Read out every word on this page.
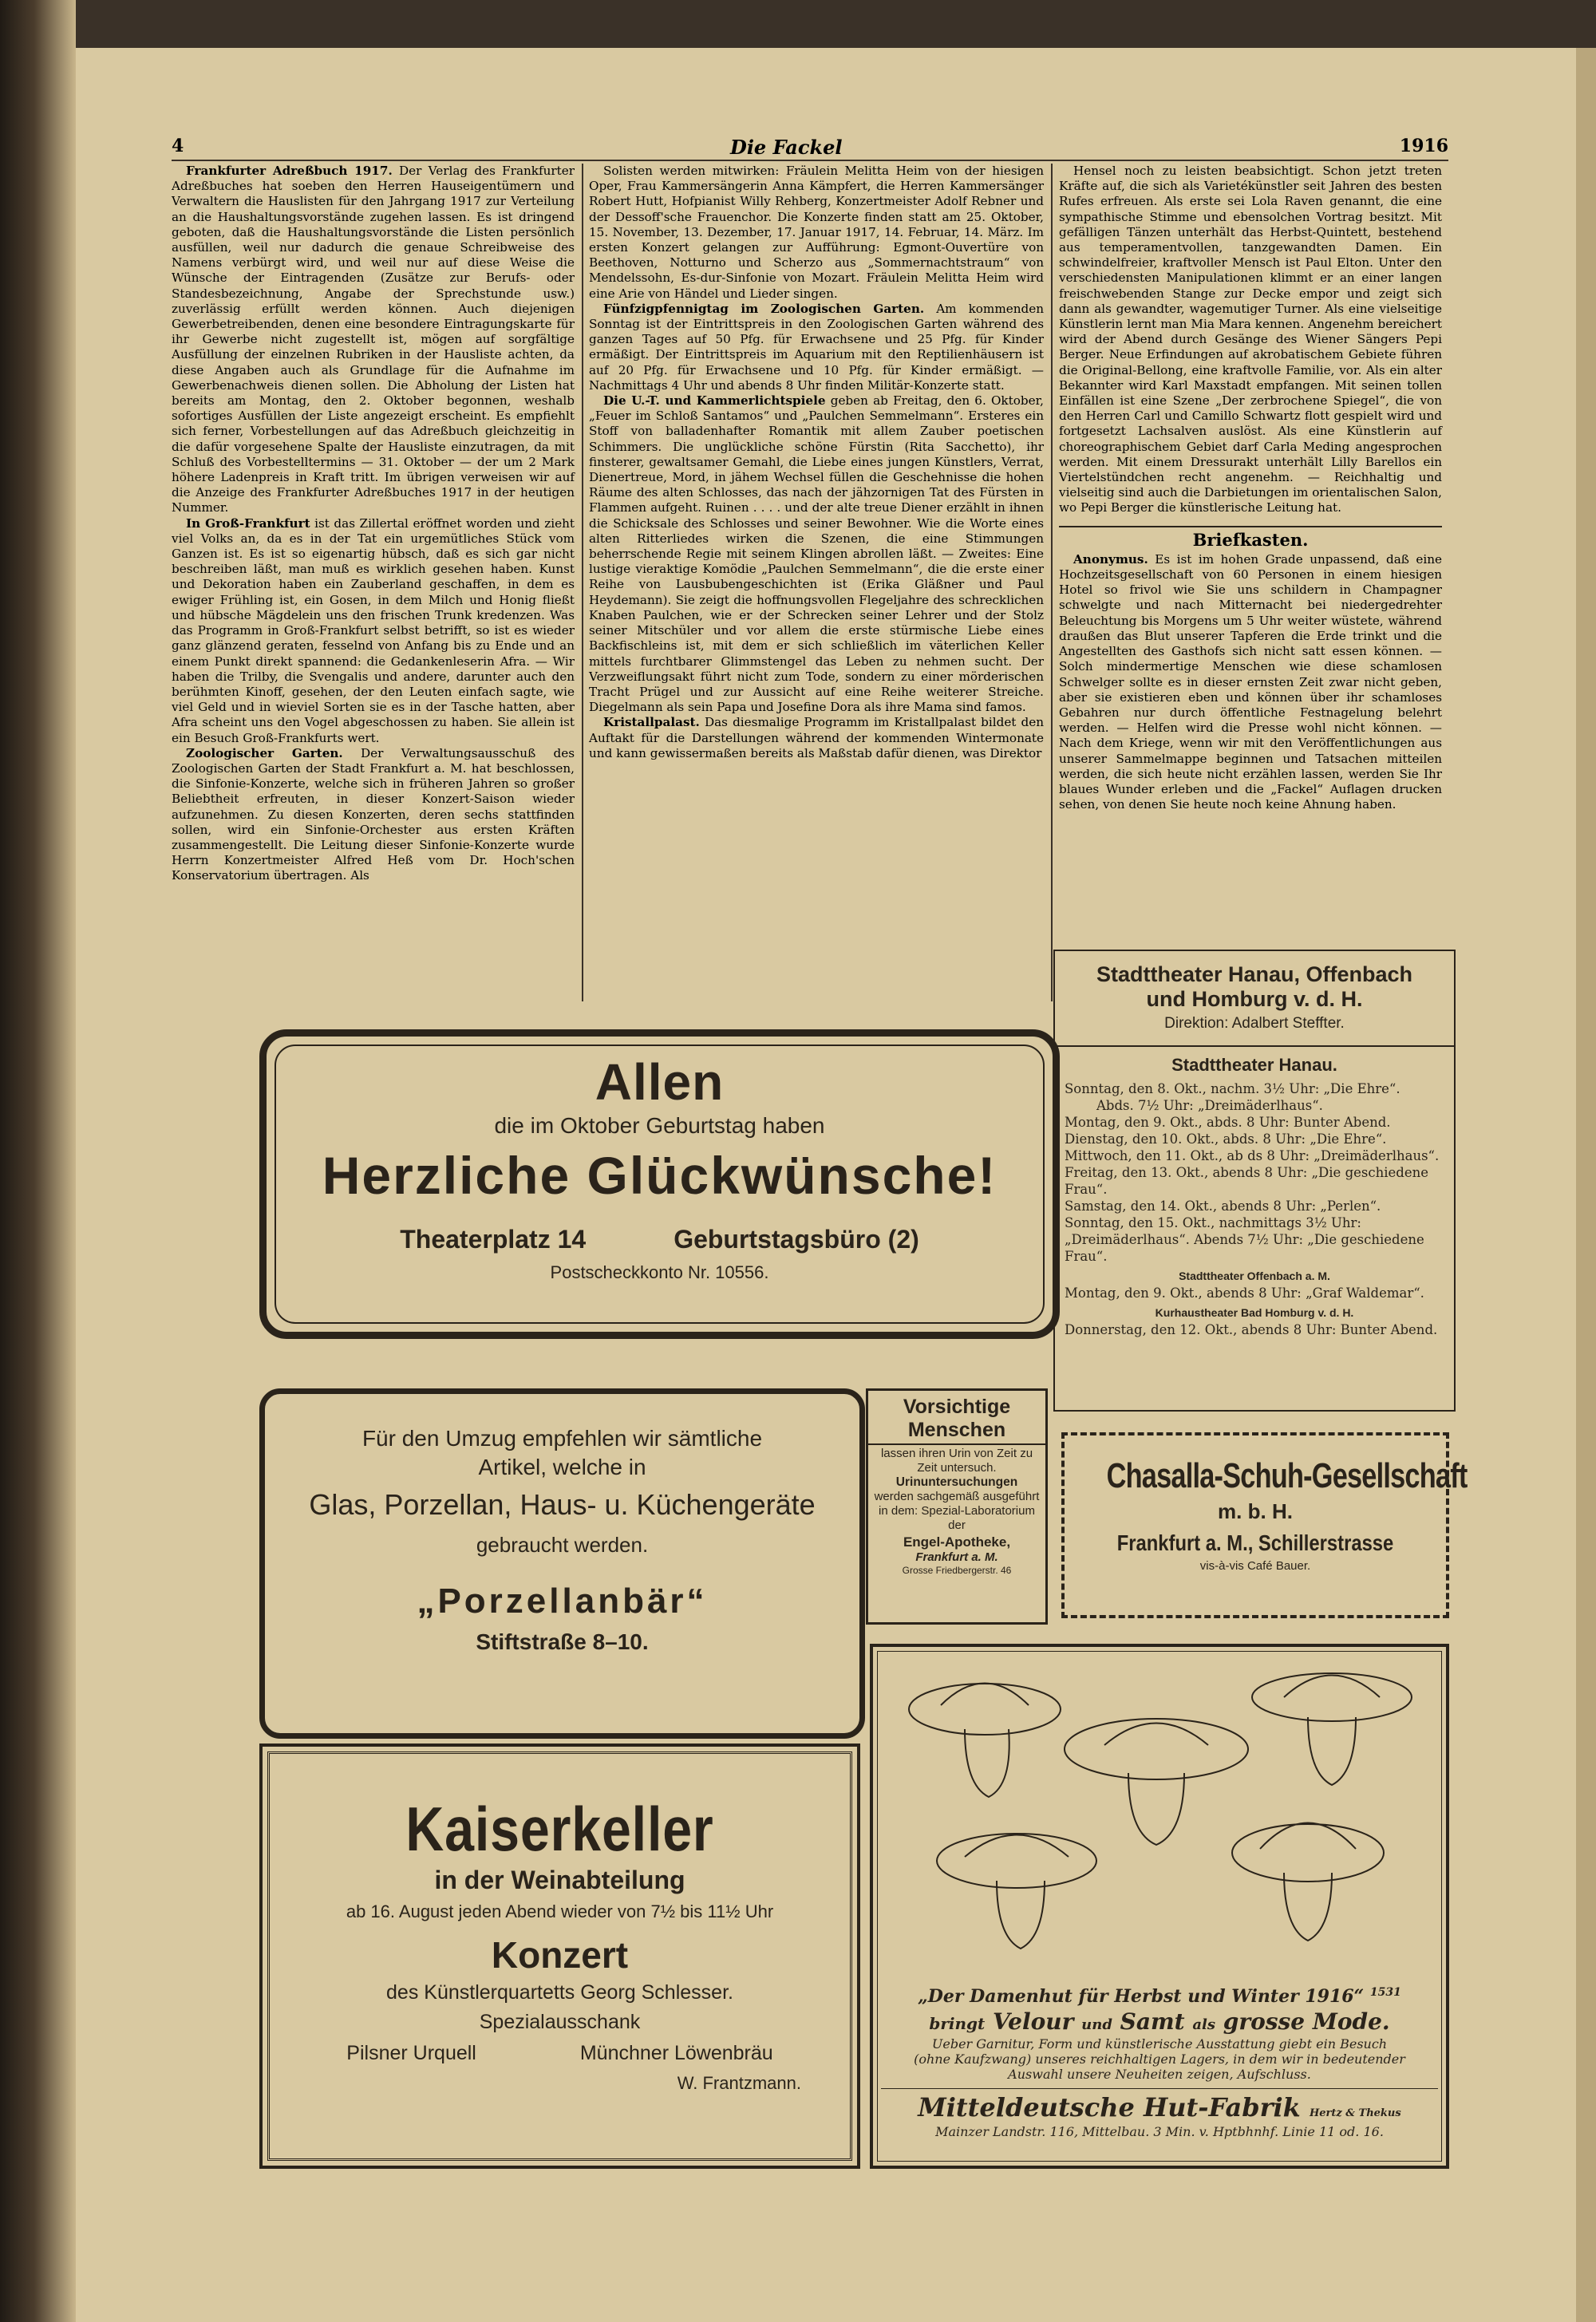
4	Die Fackel	1916

Frankfurter Adreßbuch 1917. Der Verlag des Frankfurter Adreßbuches hat soeben den Herren Hauseigentümern und Verwaltern die Hauslisten für den Jahrgang 1917 zur Verteilung an die Haushaltungsvorstände zugehen lassen. Es ist dringend geboten, daß die Haushaltungsvorstände die Listen persönlich ausfüllen, weil nur dadurch die genaue Schreibweise des Namens verbürgt wird, und weil nur auf diese Weise die Wünsche der Eintragenden (Zusätze zur Berufs- oder Standesbezeichnung, Angabe der Sprechstunde usw.) zuverlässig erfüllt werden können. Auch diejenigen Gewerbetreibenden, denen eine besondere Eintragungskarte für ihr Gewerbe nicht zugestellt ist, mögen auf sorgfältige Ausfüllung der einzelnen Rubriken in der Hausliste achten, da diese Angaben auch als Grundlage für die Aufnahme im Gewerbenachweis dienen sollen. Die Abholung der Listen hat bereits am Montag, den 2. Oktober begonnen, weshalb sofortiges Ausfüllen der Liste angezeigt erscheint. Es empfiehlt sich ferner, Vorbestellungen auf das Adreßbuch gleichzeitig in die dafür vorgesehene Spalte der Hausliste einzutragen, da mit Schluß des Vorbestelltermins — 31. Oktober — der um 2 Mark höhere Ladenpreis in Kraft tritt. Im übrigen verweisen wir auf die Anzeige des Frankfurter Adreßbuches 1917 in der heutigen Nummer.

In Groß-Frankfurt ist das Zillertal eröffnet worden und zieht viel Volks an, da es in der Tat ein urgemütliches Stück vom Ganzen ist. Es ist so eigenartig hübsch, daß es sich gar nicht beschreiben läßt, man muß es wirklich gesehen haben. Kunst und Dekoration haben ein Zauberland geschaffen, in dem es ewiger Frühling ist, ein Gosen, in dem Milch und Honig fließt und hübsche Mägdelein uns den frischen Trunk kredenzen. Was das Programm in Groß-Frankfurt selbst betrifft, so ist es wieder ganz glänzend geraten, fesselnd von Anfang bis zu Ende und an einem Punkt direkt spannend: die Gedankenleserin Afra. — Wir haben die Trilby, die Svengalis und andere, darunter auch den berühmten Kinoff, gesehen, der den Leuten einfach sagte, wie viel Geld und in wieviel Sorten sie es in der Tasche hatten, aber Afra scheint uns den Vogel abgeschossen zu haben. Sie allein ist ein Besuch Groß-Frankfurts wert.

Zoologischer Garten. Der Verwaltungsausschuß des Zoologischen Garten der Stadt Frankfurt a. M. hat beschlossen, die Sinfonie-Konzerte, welche sich in früheren Jahren so großer Beliebtheit erfreuten, in dieser Konzert-Saison wieder aufzunehmen. Zu diesen Konzerten, deren sechs stattfinden sollen, wird ein Sinfonie-Orchester aus ersten Kräften zusammengestellt. Die Leitung dieser Sinfonie-Konzerte wurde Herrn Konzertmeister Alfred Heß vom Dr. Hoch'schen Konservatorium übertragen. Als

Solisten werden mitwirken: Fräulein Melitta Heim von der hiesigen Oper, Frau Kammersängerin Anna Kämpfert, die Herren Kammersänger Robert Hutt, Hofpianist Willy Rehberg, Konzertmeister Adolf Rebner und der Dessoff'sche Frauenchor. Die Konzerte finden statt am 25. Oktober, 15. November, 13. Dezember, 17. Januar 1917, 14. Februar, 14. März. Im ersten Konzert gelangen zur Aufführung: Egmont-Ouvertüre von Beethoven, Notturno und Scherzo aus „Sommernachtstraum“ von Mendelssohn, Es-dur-Sinfonie von Mozart. Fräulein Melitta Heim wird eine Arie von Händel und Lieder singen.

Fünfzigpfennigtag im Zoologischen Garten. Am kommenden Sonntag ist der Eintrittspreis in den Zoologischen Garten während des ganzen Tages auf 50 Pfg. für Erwachsene und 25 Pfg. für Kinder ermäßigt. Der Eintrittspreis im Aquarium mit den Reptilienhäusern ist auf 20 Pfg. für Erwachsene und 10 Pfg. für Kinder ermäßigt. — Nachmittags 4 Uhr und abends 8 Uhr finden Militär-Konzerte statt.

Die U.-T. und Kammerlichtspiele geben ab Freitag, den 6. Oktober, „Feuer im Schloß Santamos“ und „Paulchen Semmelmann“. Ersteres ein Stoff von balladenhafter Romantik mit allem Zauber poetischen Schimmers. Die unglückliche schöne Fürstin (Rita Sacchetto), ihr finsterer, gewaltsamer Gemahl, die Liebe eines jungen Künstlers, Verrat, Dienertreue, Mord, in jähem Wechsel füllen die Geschehnisse die hohen Räume des alten Schlosses, das nach der jähzornigen Tat des Fürsten in Flammen aufgeht. Ruinen . . . . und der alte treue Diener erzählt in ihnen die Schicksale des Schlosses und seiner Bewohner. Wie die Worte eines alten Ritterliedes wirken die Szenen, die eine Stimmungen beherrschende Regie mit seinem Klingen abrollen läßt. — Zweites: Eine lustige vieraktige Komödie „Paulchen Semmelmann“, die die erste einer Reihe von Lausbubengeschichten ist (Erika Gläßner und Paul Heydemann). Sie zeigt die hoffnungsvollen Flegeljahre des schrecklichen Knaben Paulchen, wie er der Schrecken seiner Lehrer und der Stolz seiner Mitschüler und vor allem die erste stürmische Liebe eines Backfischleins ist, mit dem er sich schließlich im väterlichen Keller mittels furchtbarer Glimmstengel das Leben zu nehmen sucht. Der Verzweiflungsakt führt nicht zum Tode, sondern zu einer mörderischen Tracht Prügel und zur Aussicht auf eine Reihe weiterer Streiche. Diegelmann als sein Papa und Josefine Dora als ihre Mama sind famos.

Kristallpalast. Das diesmalige Programm im Kristallpalast bildet den Auftakt für die Darstellungen während der kommenden Wintermonate und kann gewissermaßen bereits als Maßstab dafür dienen, was Direktor

Hensel noch zu leisten beabsichtigt. Schon jetzt treten Kräfte auf, die sich als Varietékünstler seit Jahren des besten Rufes erfreuen. Als erste sei Lola Raven genannt, die eine sympathische Stimme und ebensolchen Vortrag besitzt. Mit gefälligen Tänzen unterhält das Herbst-Quintett, bestehend aus temperamentvollen, tanzgewandten Damen. Ein schwindelfreier, kraftvoller Mensch ist Paul Elton. Unter den verschiedensten Manipulationen klimmt er an einer langen freischwebenden Stange zur Decke empor und zeigt sich dann als gewandter, wagemutiger Turner. Als eine vielseitige Künstlerin lernt man Mia Mara kennen. Angenehm bereichert wird der Abend durch Gesänge des Wiener Sängers Pepi Berger. Neue Erfindungen auf akrobatischem Gebiete führen die Original-Bellong, eine kraftvolle Familie, vor. Als ein alter Bekannter wird Karl Maxstadt empfangen. Mit seinen tollen Einfällen ist eine Szene „Der zerbrochene Spiegel“, die von den Herren Carl und Camillo Schwartz flott gespielt wird und fortgesetzt Lachsalven auslöst. Als eine Künstlerin auf choreographischem Gebiet darf Carla Meding angesprochen werden. Mit einem Dressurakt unterhält Lilly Barellos ein Viertelstündchen recht angenehm. — Reichhaltig und vielseitig sind auch die Darbietungen im orientalischen Salon, wo Pepi Berger die künstlerische Leitung hat.

Briefkasten.

Anonymus. Es ist im hohen Grade unpassend, daß eine Hochzeitsgesellschaft von 60 Personen in einem hiesigen Hotel so frivol wie Sie uns schildern in Champagner schwelgte und nach Mitternacht bei niedergedrehter Beleuchtung bis Morgens um 5 Uhr weiter wüstete, während draußen das Blut unserer Tapferen die Erde trinkt und die Angestellten des Gasthofs sich nicht satt essen können. — Solch mindermertige Menschen wie diese schamlosen Schwelger sollte es in dieser ernsten Zeit zwar nicht geben, aber sie existieren eben und können über ihr schamloses Gebahren nur durch öffentliche Festnagelung belehrt werden. — Helfen wird die Presse wohl nicht können. — Nach dem Kriege, wenn wir mit den Veröffentlichungen aus unserer Sammelmappe beginnen und Tatsachen mitteilen werden, die sich heute nicht erzählen lassen, werden Sie Ihr blaues Wunder erleben und die „Fackel“ Auflagen drucken sehen, von denen Sie heute noch keine Ahnung haben.

Allen
die im Oktober Geburtstag haben
Herzliche Glückwünsche!
Theaterplatz 14	Geburtstagsbüro (2)
Postscheckkonto Nr. 10556.
Stadttheater Hanau, Offenbach
und Homburg v. d. H.
Direktion: Adalbert Steffter.
Stadttheater Hanau.
Sonntag, den 8. Okt., nachm. 3½ Uhr: „Die Ehre“.
Abds. 7½ Uhr: „Dreimäderlhaus“.
Montag, den 9. Okt., abds. 8 Uhr: Bunter Abend.
Dienstag, den 10. Okt., abds. 8 Uhr: „Die Ehre“.
Mittwoch, den 11. Okt., ab ds 8 Uhr: „Dreimäderlhaus“.
Freitag, den 13. Okt., abends 8 Uhr: „Die geschiedene Frau“.
Samstag, den 14. Okt., abends 8 Uhr: „Perlen“.
Sonntag, den 15. Okt., nachmittags 3½ Uhr: „Dreimäderlhaus“. Abends 7½ Uhr: „Die geschiedene Frau“.
Stadttheater Offenbach a. M.
Montag, den 9. Okt., abends 8 Uhr: „Graf Waldemar“.
Kurhaustheater Bad Homburg v. d. H.
Donnerstag, den 12. Okt., abends 8 Uhr: Bunter Abend.
Für den Umzug empfehlen wir sämtliche
Artikel, welche in
Glas, Porzellan, Haus- u. Küchengeräte
gebraucht werden.
„Porzellanbär“
Stiftstraße 8–10.
Vorsichtige
Menschen
lassen ihren Urin von Zeit zu Zeit untersuch.
Urinuntersuchungen
werden sachgemäß ausgeführt in dem: Spezial-Laboratorium der
Engel-Apotheke,
Frankfurt a. M.
Grosse Friedbergerstr. 46
Chasalla-Schuh-Gesellschaft
m. b. H.
Frankfurt a. M., Schillerstrasse
vis-à-vis Café Bauer.
Kaiserkeller
in der Weinabteilung
ab 16. August jeden Abend wieder von 7½ bis 11½ Uhr
Konzert
des Künstlerquartetts Georg Schlesser.
Spezialausschank
Pilsner Urquell	Münchner Löwenbräu
W. Frantzmann.
„Der Damenhut für Herbst und Winter 1916“ $^{1531}$
bringt Velour und Samt als grosse Mode.
Ueber Garnitur, Form und künstlerische Ausstattung giebt ein Besuch
(ohne Kaufzwang) unseres reichhaltigen Lagers, in dem wir in bedeutender
Auswahl unsere Neuheiten zeigen, Aufschluss.
Mitteldeutsche Hut-Fabrik Hertz & Thekus
Mainzer Landstr. 116, Mittelbau. 3 Min. v. Hptbhnhf. Linie 11 od. 16.
